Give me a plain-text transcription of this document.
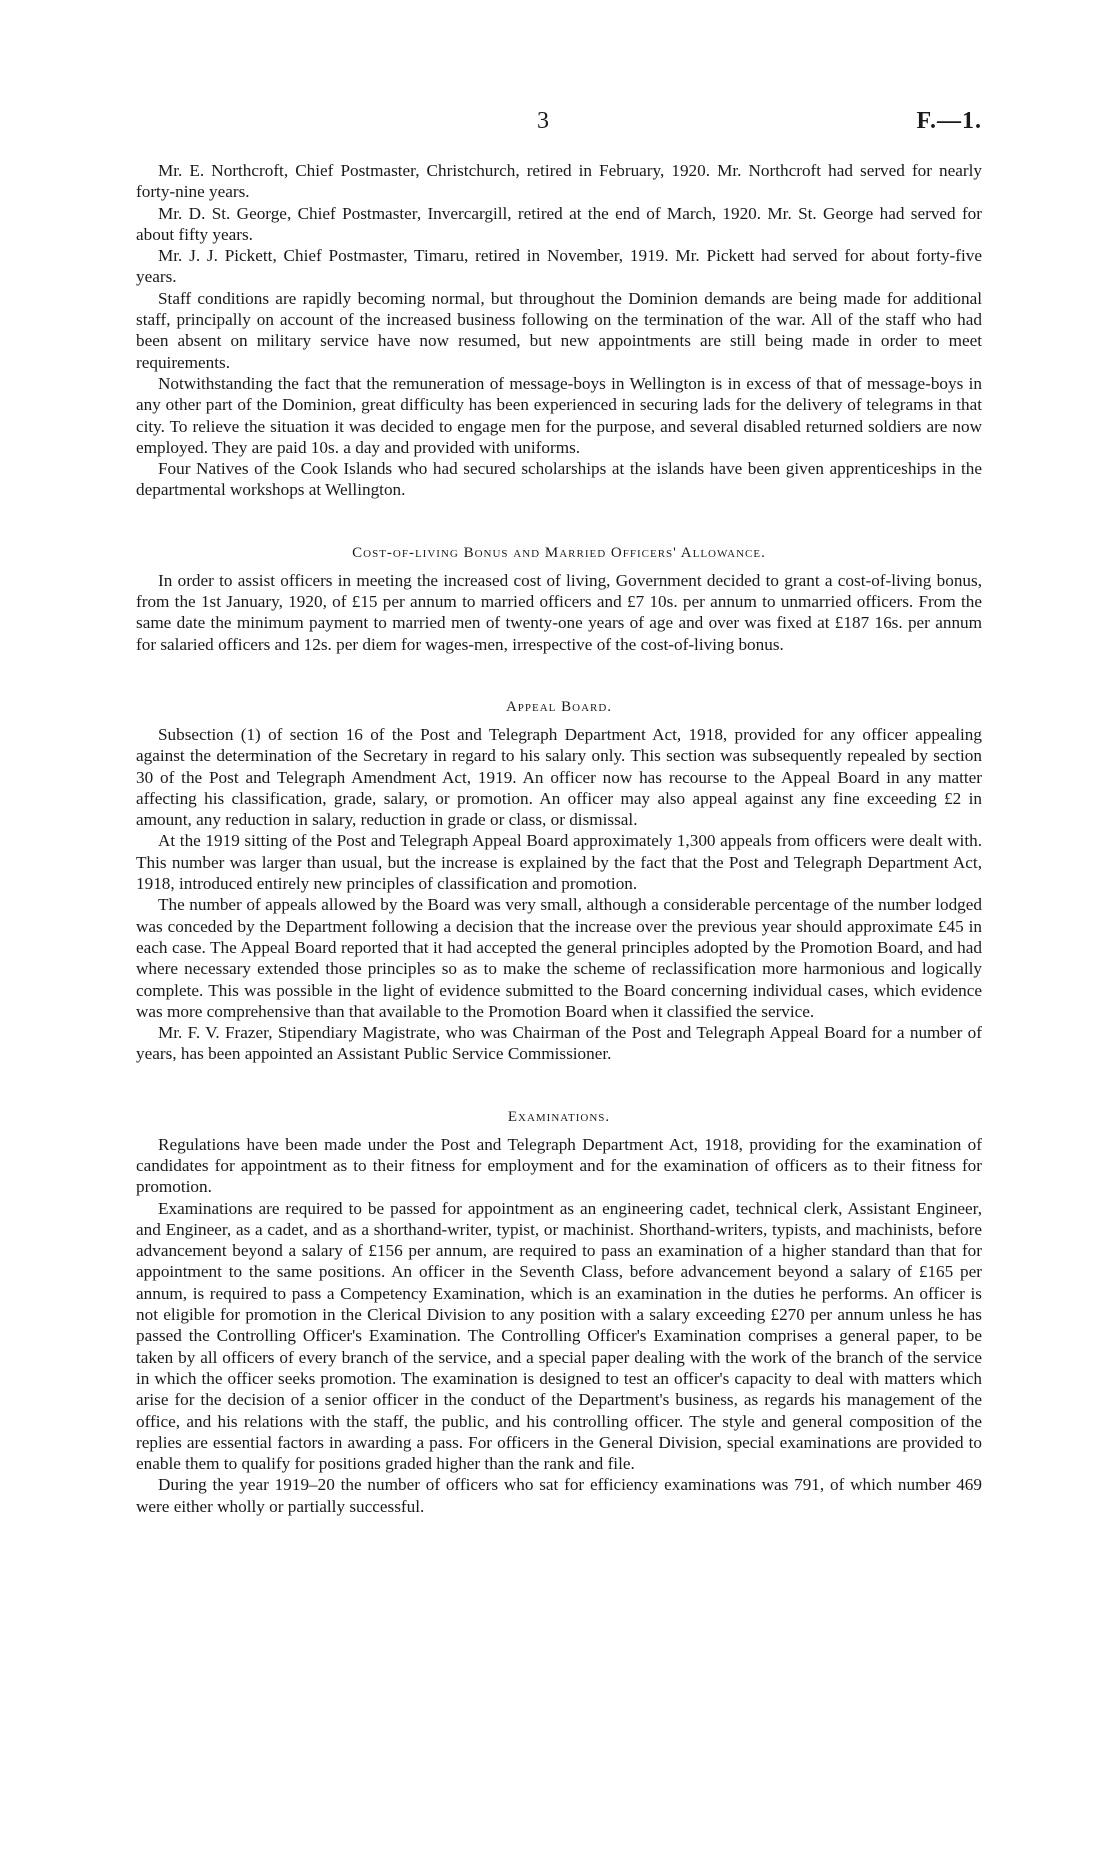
3	F.—1.

Mr. E. Northcroft, Chief Postmaster, Christchurch, retired in February, 1920. Mr. Northcroft had served for nearly forty-nine years.

Mr. D. St. George, Chief Postmaster, Invercargill, retired at the end of March, 1920. Mr. St. George had served for about fifty years.

Mr. J. J. Pickett, Chief Postmaster, Timaru, retired in November, 1919. Mr. Pickett had served for about forty-five years.

Staff conditions are rapidly becoming normal, but throughout the Dominion demands are being made for additional staff, principally on account of the increased business following on the termination of the war. All of the staff who had been absent on military service have now resumed, but new appointments are still being made in order to meet requirements.

Notwithstanding the fact that the remuneration of message-boys in Wellington is in excess of that of message-boys in any other part of the Dominion, great difficulty has been experienced in securing lads for the delivery of telegrams in that city. To relieve the situation it was decided to engage men for the purpose, and several disabled returned soldiers are now employed. They are paid 10s. a day and provided with uniforms.

Four Natives of the Cook Islands who had secured scholarships at the islands have been given apprenticeships in the departmental workshops at Wellington.

Cost-of-living Bonus and Married Officers' Allowance.

In order to assist officers in meeting the increased cost of living, Government decided to grant a cost-of-living bonus, from the 1st January, 1920, of £15 per annum to married officers and £7 10s. per annum to unmarried officers. From the same date the minimum payment to married men of twenty-one years of age and over was fixed at £187 16s. per annum for salaried officers and 12s. per diem for wages-men, irrespective of the cost-of-living bonus.

Appeal Board.

Subsection (1) of section 16 of the Post and Telegraph Department Act, 1918, provided for any officer appealing against the determination of the Secretary in regard to his salary only. This section was subsequently repealed by section 30 of the Post and Telegraph Amendment Act, 1919. An officer now has recourse to the Appeal Board in any matter affecting his classification, grade, salary, or promotion. An officer may also appeal against any fine exceeding £2 in amount, any reduction in salary, reduction in grade or class, or dismissal.

At the 1919 sitting of the Post and Telegraph Appeal Board approximately 1,300 appeals from officers were dealt with. This number was larger than usual, but the increase is explained by the fact that the Post and Telegraph Department Act, 1918, introduced entirely new principles of classification and promotion.

The number of appeals allowed by the Board was very small, although a considerable percentage of the number lodged was conceded by the Department following a decision that the increase over the previous year should approximate £45 in each case. The Appeal Board reported that it had accepted the general principles adopted by the Promotion Board, and had where necessary extended those principles so as to make the scheme of reclassification more harmonious and logically complete. This was possible in the light of evidence submitted to the Board concerning individual cases, which evidence was more comprehensive than that available to the Promotion Board when it classified the service.

Mr. F. V. Frazer, Stipendiary Magistrate, who was Chairman of the Post and Telegraph Appeal Board for a number of years, has been appointed an Assistant Public Service Commissioner.

Examinations.

Regulations have been made under the Post and Telegraph Department Act, 1918, providing for the examination of candidates for appointment as to their fitness for employment and for the examination of officers as to their fitness for promotion.

Examinations are required to be passed for appointment as an engineering cadet, technical clerk, Assistant Engineer, and Engineer, as a cadet, and as a shorthand-writer, typist, or machinist. Shorthand-writers, typists, and machinists, before advancement beyond a salary of £156 per annum, are required to pass an examination of a higher standard than that for appointment to the same positions. An officer in the Seventh Class, before advancement beyond a salary of £165 per annum, is required to pass a Competency Examination, which is an examination in the duties he performs. An officer is not eligible for promotion in the Clerical Division to any position with a salary exceeding £270 per annum unless he has passed the Controlling Officer's Examination. The Controlling Officer's Examination comprises a general paper, to be taken by all officers of every branch of the service, and a special paper dealing with the work of the branch of the service in which the officer seeks promotion. The examination is designed to test an officer's capacity to deal with matters which arise for the decision of a senior officer in the conduct of the Department's business, as regards his management of the office, and his relations with the staff, the public, and his controlling officer. The style and general composition of the replies are essential factors in awarding a pass. For officers in the General Division, special examinations are provided to enable them to qualify for positions graded higher than the rank and file.

During the year 1919–20 the number of officers who sat for efficiency examinations was 791, of which number 469 were either wholly or partially successful.
